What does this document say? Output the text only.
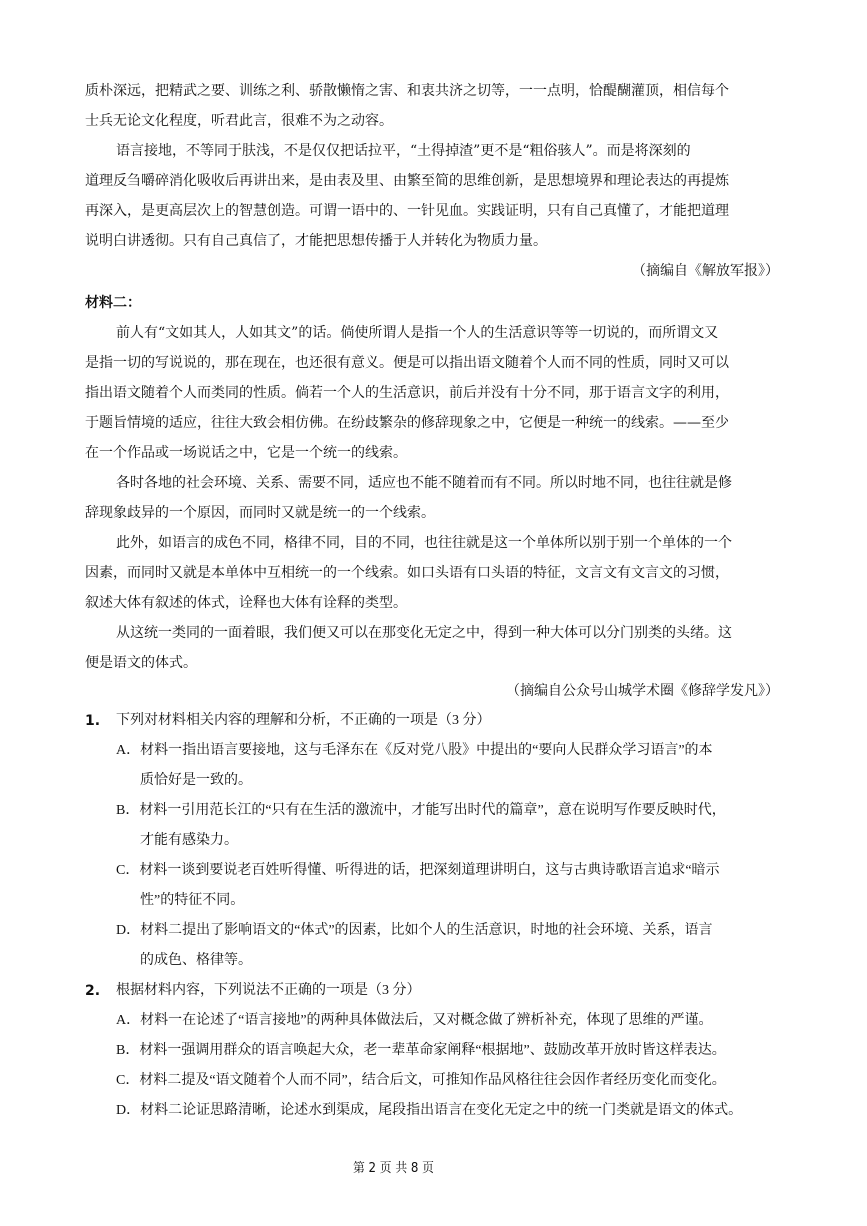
质朴深远，把精武之要、训练之利、骄散懒惰之害、和衷共济之切等，一一点明，恰醍醐灌顶，相信每个
士兵无论文化程度，听君此言，很难不为之动容。
语言接地，不等同于肤浅，不是仅仅把话拉平，“土得掉渣”更不是“粗俗骇人”。而是将深刻的
道理反刍嚼碎消化吸收后再讲出来，是由表及里、由繁至简的思维创新，是思想境界和理论表达的再提炼
再深入，是更高层次上的智慧创造。可谓一语中的、一针见血。实践证明，只有自己真懂了，才能把道理
说明白讲透彻。只有自己真信了，才能把思想传播于人并转化为物质力量。
（摘编自《解放军报》）
材料二：
前人有“文如其人，人如其文”的话。倘使所谓人是指一个人的生活意识等等一切说的，而所谓文又
是指一切的写说说的，那在现在，也还很有意义。便是可以指出语文随着个人而不同的性质，同时又可以
指出语文随着个人而类同的性质。倘若一个人的生活意识，前后并没有十分不同，那于语言文字的利用，
于题旨情境的适应，往往大致会相仿佛。在纷歧繁杂的修辞现象之中，它便是一种统一的线索。——至少
在一个作品或一场说话之中，它是一个统一的线索。
各时各地的社会环境、关系、需要不同，适应也不能不随着而有不同。所以时地不同，也往往就是修
辞现象歧异的一个原因，而同时又就是统一的一个线索。
此外，如语言的成色不同，格律不同，目的不同，也往往就是这一个单体所以别于别一个单体的一个
因素，而同时又就是本单体中互相统一的一个线索。如口头语有口头语的特征，文言文有文言文的习惯，
叙述大体有叙述的体式，诠释也大体有诠释的类型。
从这统一类同的一面着眼，我们便又可以在那变化无定之中，得到一种大体可以分门别类的头绪。这
便是语文的体式。
（摘编自公众号山城学术圈《修辞学发凡》）
1. 下列对材料相关内容的理解和分析，不正确的一项是（3 分）
A．材料一指出语言要接地，这与毛泽东在《反对党八股》中提出的“要向人民群众学习语言”的本
质恰好是一致的。
B．材料一引用范长江的“只有在生活的激流中，才能写出时代的篇章”，意在说明写作要反映时代，
才能有感染力。
C．材料一谈到要说老百姓听得懂、听得进的话，把深刻道理讲明白，这与古典诗歌语言追求“暗示
性”的特征不同。
D．材料二提出了影响语文的“体式”的因素，比如个人的生活意识，时地的社会环境、关系，语言
的成色、格律等。
2. 根据材料内容，下列说法不正确的一项是（3 分）
A．材料一在论述了“语言接地”的两种具体做法后，又对概念做了辨析补充，体现了思维的严谨。
B．材料一强调用群众的语言唤起大众，老一辈革命家阐释“根据地”、鼓励改革开放时皆这样表达。
C．材料二提及“语文随着个人而不同”，结合后文，可推知作品风格往往会因作者经历变化而变化。
D．材料二论证思路清晰，论述水到渠成，尾段指出语言在变化无定之中的统一门类就是语文的体式。
第 2 页 共 8 页
